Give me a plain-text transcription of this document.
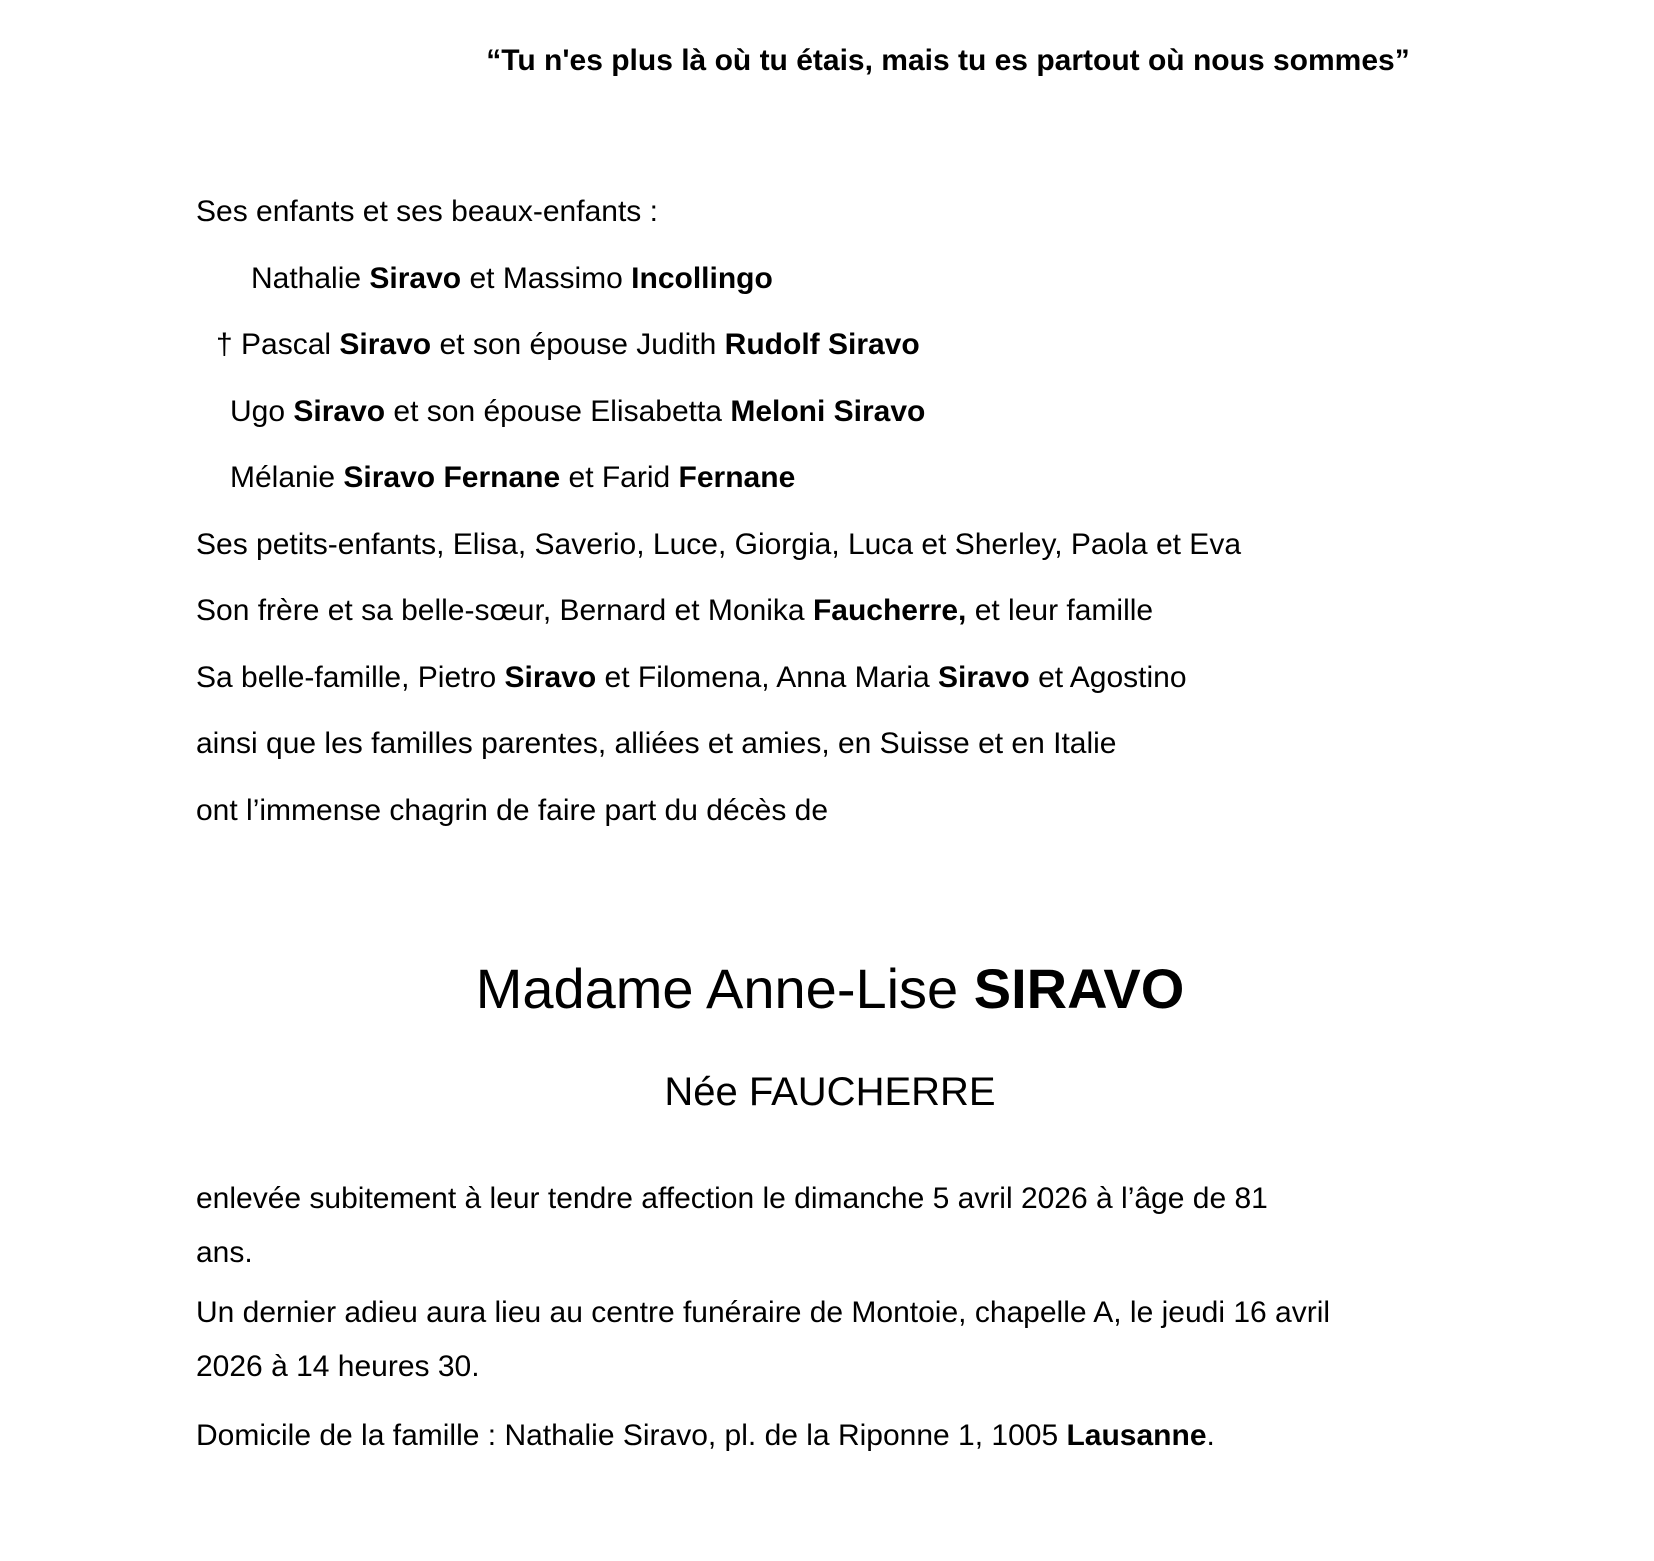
“Tu n'es plus là où tu étais, mais tu es partout où nous sommes”

Ses enfants et ses beaux-enfants :

Nathalie Siravo et Massimo Incollingo

† Pascal Siravo et son épouse Judith Rudolf Siravo

Ugo Siravo et son épouse Elisabetta Meloni Siravo

Mélanie Siravo Fernane et Farid Fernane

Ses petits-enfants, Elisa, Saverio, Luce, Giorgia, Luca et Sherley, Paola et Eva

Son frère et sa belle-sœur, Bernard et Monika Faucherre, et leur famille

Sa belle-famille, Pietro Siravo et Filomena, Anna Maria Siravo et Agostino

ainsi que les familles parentes, alliées et amies, en Suisse et en Italie

ont l’immense chagrin de faire part du décès de

Madame Anne-Lise SIRAVO
Née FAUCHERRE

enlevée subitement à leur tendre affection le dimanche 5 avril 2026 à l’âge de 81

ans.

Un dernier adieu aura lieu au centre funéraire de Montoie, chapelle A, le jeudi 16 avril

2026 à 14 heures 30.

Domicile de la famille : Nathalie Siravo, pl. de la Riponne 1, 1005 Lausanne.
